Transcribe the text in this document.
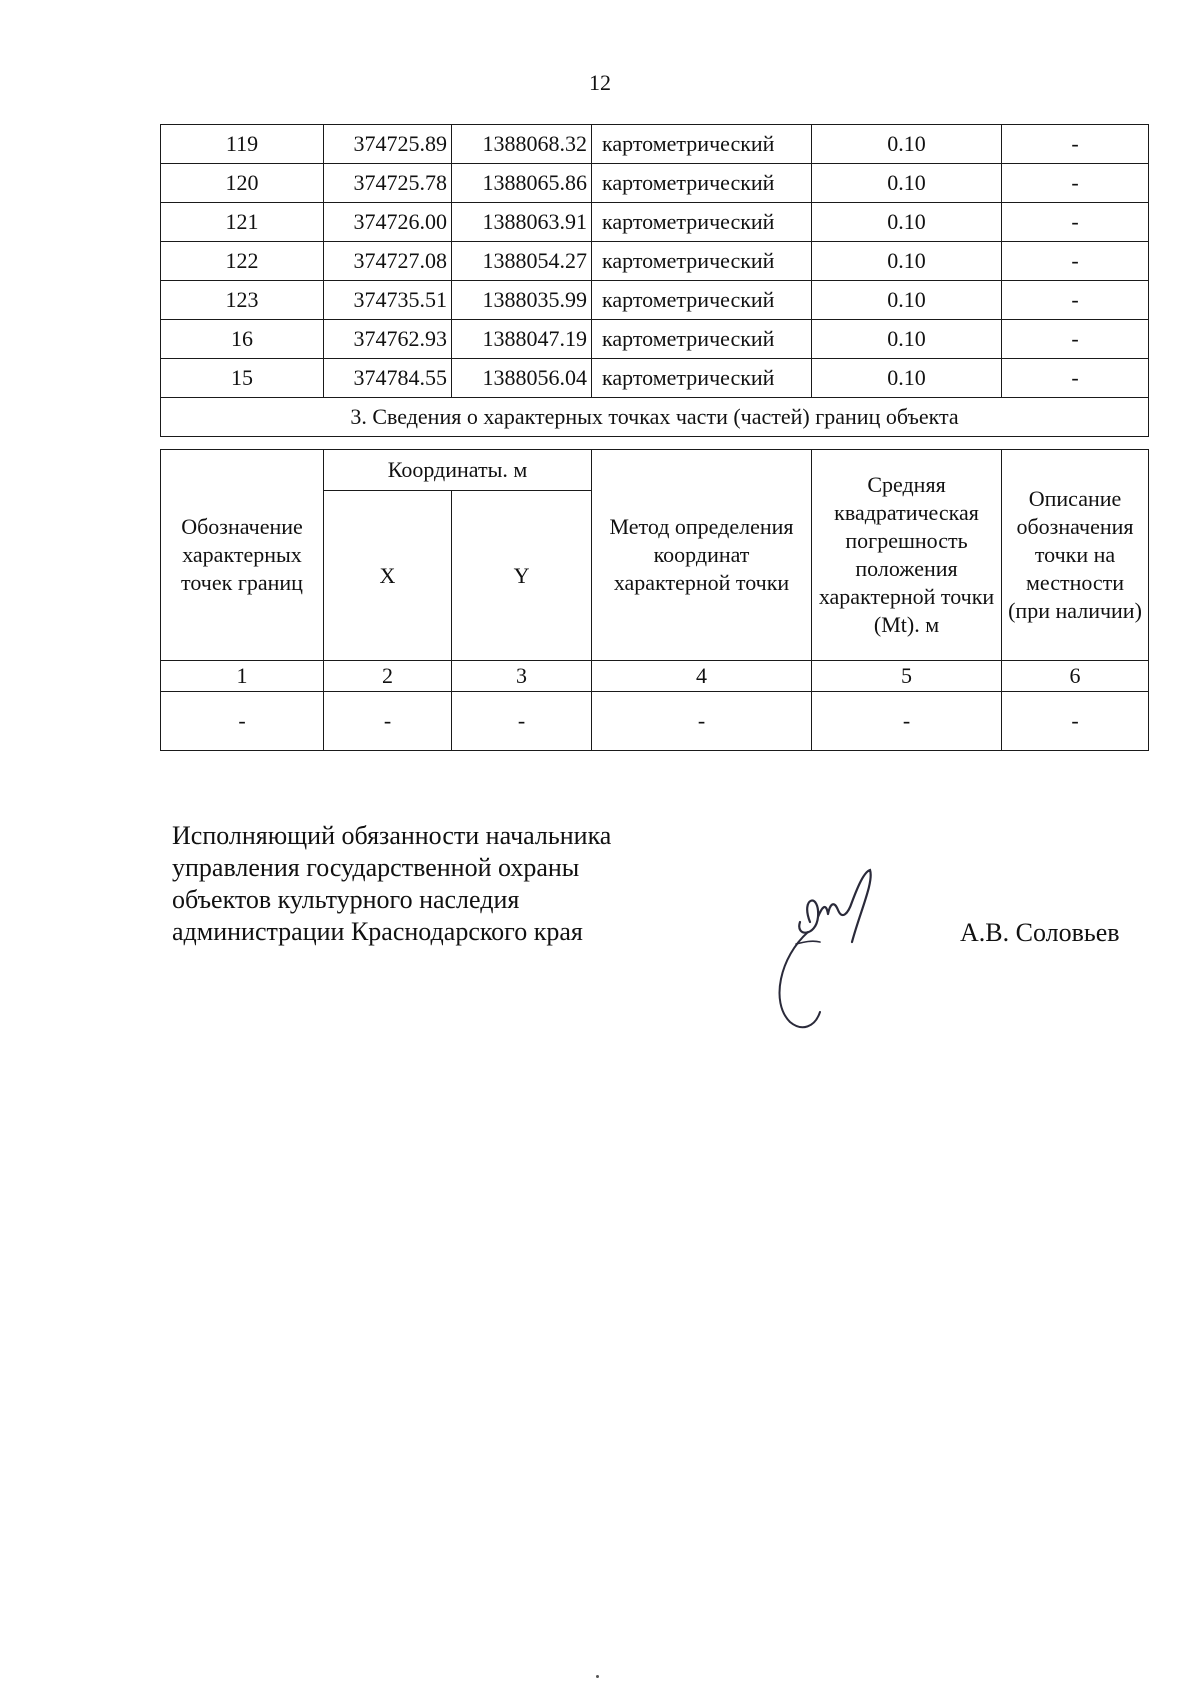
12
119	374725.89	1388068.32	картометрический	0.10	-
120	374725.78	1388065.86	картометрический	0.10	-
121	374726.00	1388063.91	картометрический	0.10	-
122	374727.08	1388054.27	картометрический	0.10	-
123	374735.51	1388035.99	картометрический	0.10	-
16	374762.93	1388047.19	картометрический	0.10	-
15	374784.55	1388056.04	картометрический	0.10	-
3. Сведения о характерных точках части (частей) границ объекта					
Обозначение характерных точек границ	Координаты. м		Метод определения координат характерной точки	Средняя квадратическая погрешность положения характерной точки (Mt). м	Описание обозначения точки на местности (при наличии)
	X	Y			
1	2	3	4	5	6
-	-	-	-	-	-
Исполняющий обязанности начальника
управления государственной охраны
объектов культурного наследия
администрации Краснодарского края	А.В. Соловьев
